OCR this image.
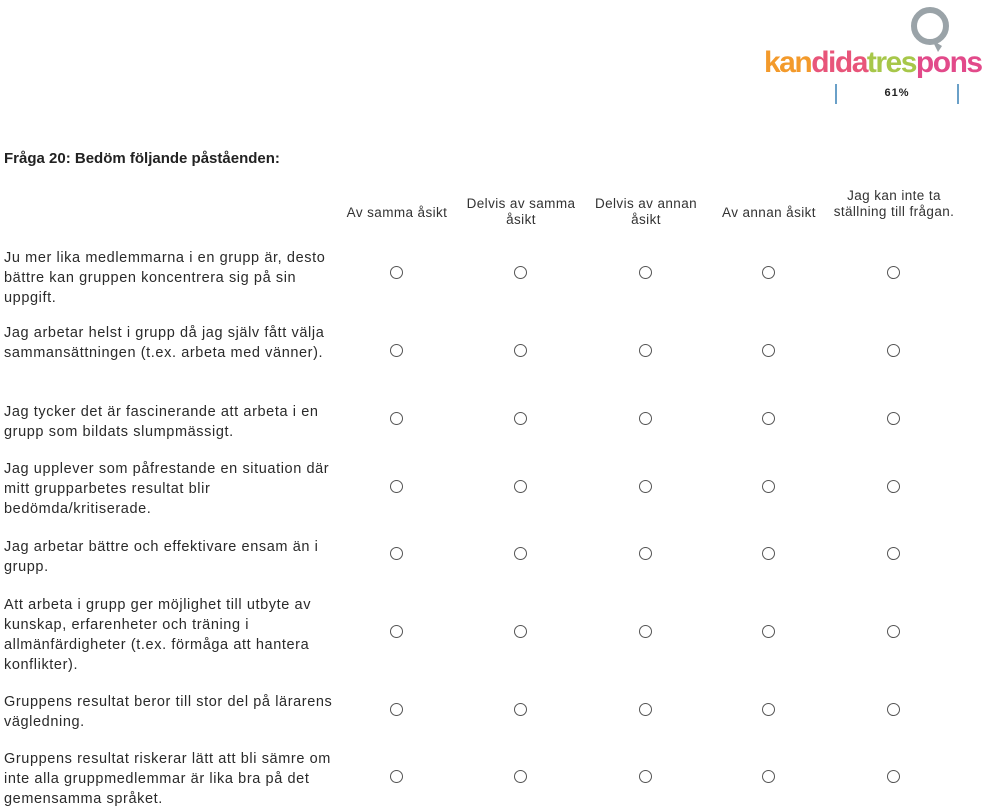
kandidatrespons
61%
Fråga 20: Bedöm följande påståenden:
Av samma åsikt
Delvis av samma åsikt
Delvis av annan åsikt	Av annan åsikt
Jag kan inte ta ställning till frågan.
Ju mer lika medlemmarna i en grupp är, desto bättre kan gruppen koncentrera sig på sin uppgift.
Jag arbetar helst i grupp då jag själv fått välja sammansättningen (t.ex. arbeta med vänner).
Jag tycker det är fascinerande att arbeta i en grupp som bildats slumpmässigt.
Jag upplever som påfrestande en situation där mitt grupparbetes resultat blir bedömda/kritiserade.
Jag arbetar bättre och effektivare ensam än i grupp.
Att arbeta i grupp ger möjlighet till utbyte av kunskap, erfarenheter och träning i allmänfärdigheter (t.ex. förmåga att hantera konflikter).
Gruppens resultat beror till stor del på lärarens vägledning.
Gruppens resultat riskerar lätt att bli sämre om inte alla gruppmedlemmar är lika bra på det gemensamma språket.
